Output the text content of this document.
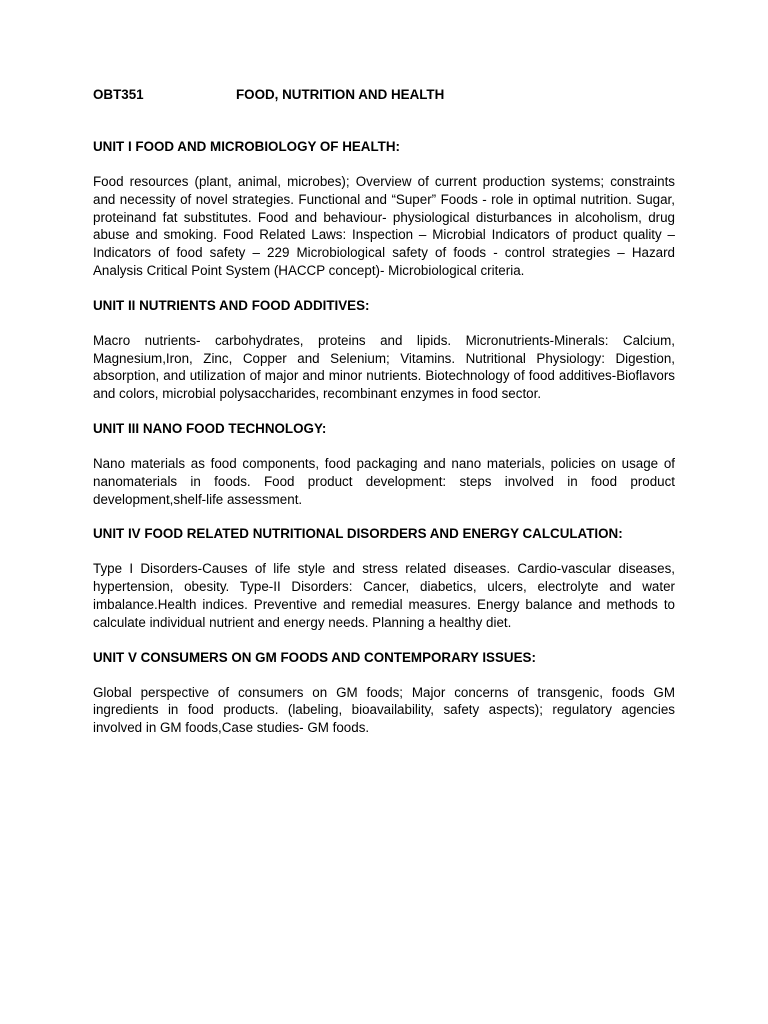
OBT351	FOOD, NUTRITION AND HEALTH

UNIT I FOOD AND MICROBIOLOGY OF HEALTH:

Food resources (plant, animal, microbes); Overview of current production systems; constraints and necessity of novel strategies. Functional and “Super” Foods - role in optimal nutrition. Sugar, proteinand fat substitutes. Food and behaviour- physiological disturbances in alcoholism, drug abuse and smoking. Food Related Laws: Inspection – Microbial Indicators of product quality – Indicators of food safety – 229 Microbiological safety of foods - control strategies – Hazard Analysis Critical Point System (HACCP concept)- Microbiological criteria.

UNIT II NUTRIENTS AND FOOD ADDITIVES:

Macro nutrients- carbohydrates, proteins and lipids. Micronutrients-Minerals: Calcium, Magnesium,Iron, Zinc, Copper and Selenium; Vitamins. Nutritional Physiology: Digestion, absorption, and utilization of major and minor nutrients. Biotechnology of food additives-Bioflavors and colors, microbial polysaccharides, recombinant enzymes in food sector.

UNIT III NANO FOOD TECHNOLOGY:

Nano materials as food components, food packaging and nano materials, policies on usage of nanomaterials in foods. Food product development: steps involved in food product development,shelf-life assessment.

UNIT IV FOOD RELATED NUTRITIONAL DISORDERS AND ENERGY CALCULATION:

Type I Disorders-Causes of life style and stress related diseases. Cardio-vascular diseases, hypertension, obesity. Type-II Disorders: Cancer, diabetics, ulcers, electrolyte and water imbalance.Health indices. Preventive and remedial measures. Energy balance and methods to calculate individual nutrient and energy needs. Planning a healthy diet.

UNIT V CONSUMERS ON GM FOODS AND CONTEMPORARY ISSUES:

Global perspective of consumers on GM foods; Major concerns of transgenic, foods GM ingredients in food products. (labeling, bioavailability, safety aspects); regulatory agencies involved in GM foods,Case studies- GM foods.
